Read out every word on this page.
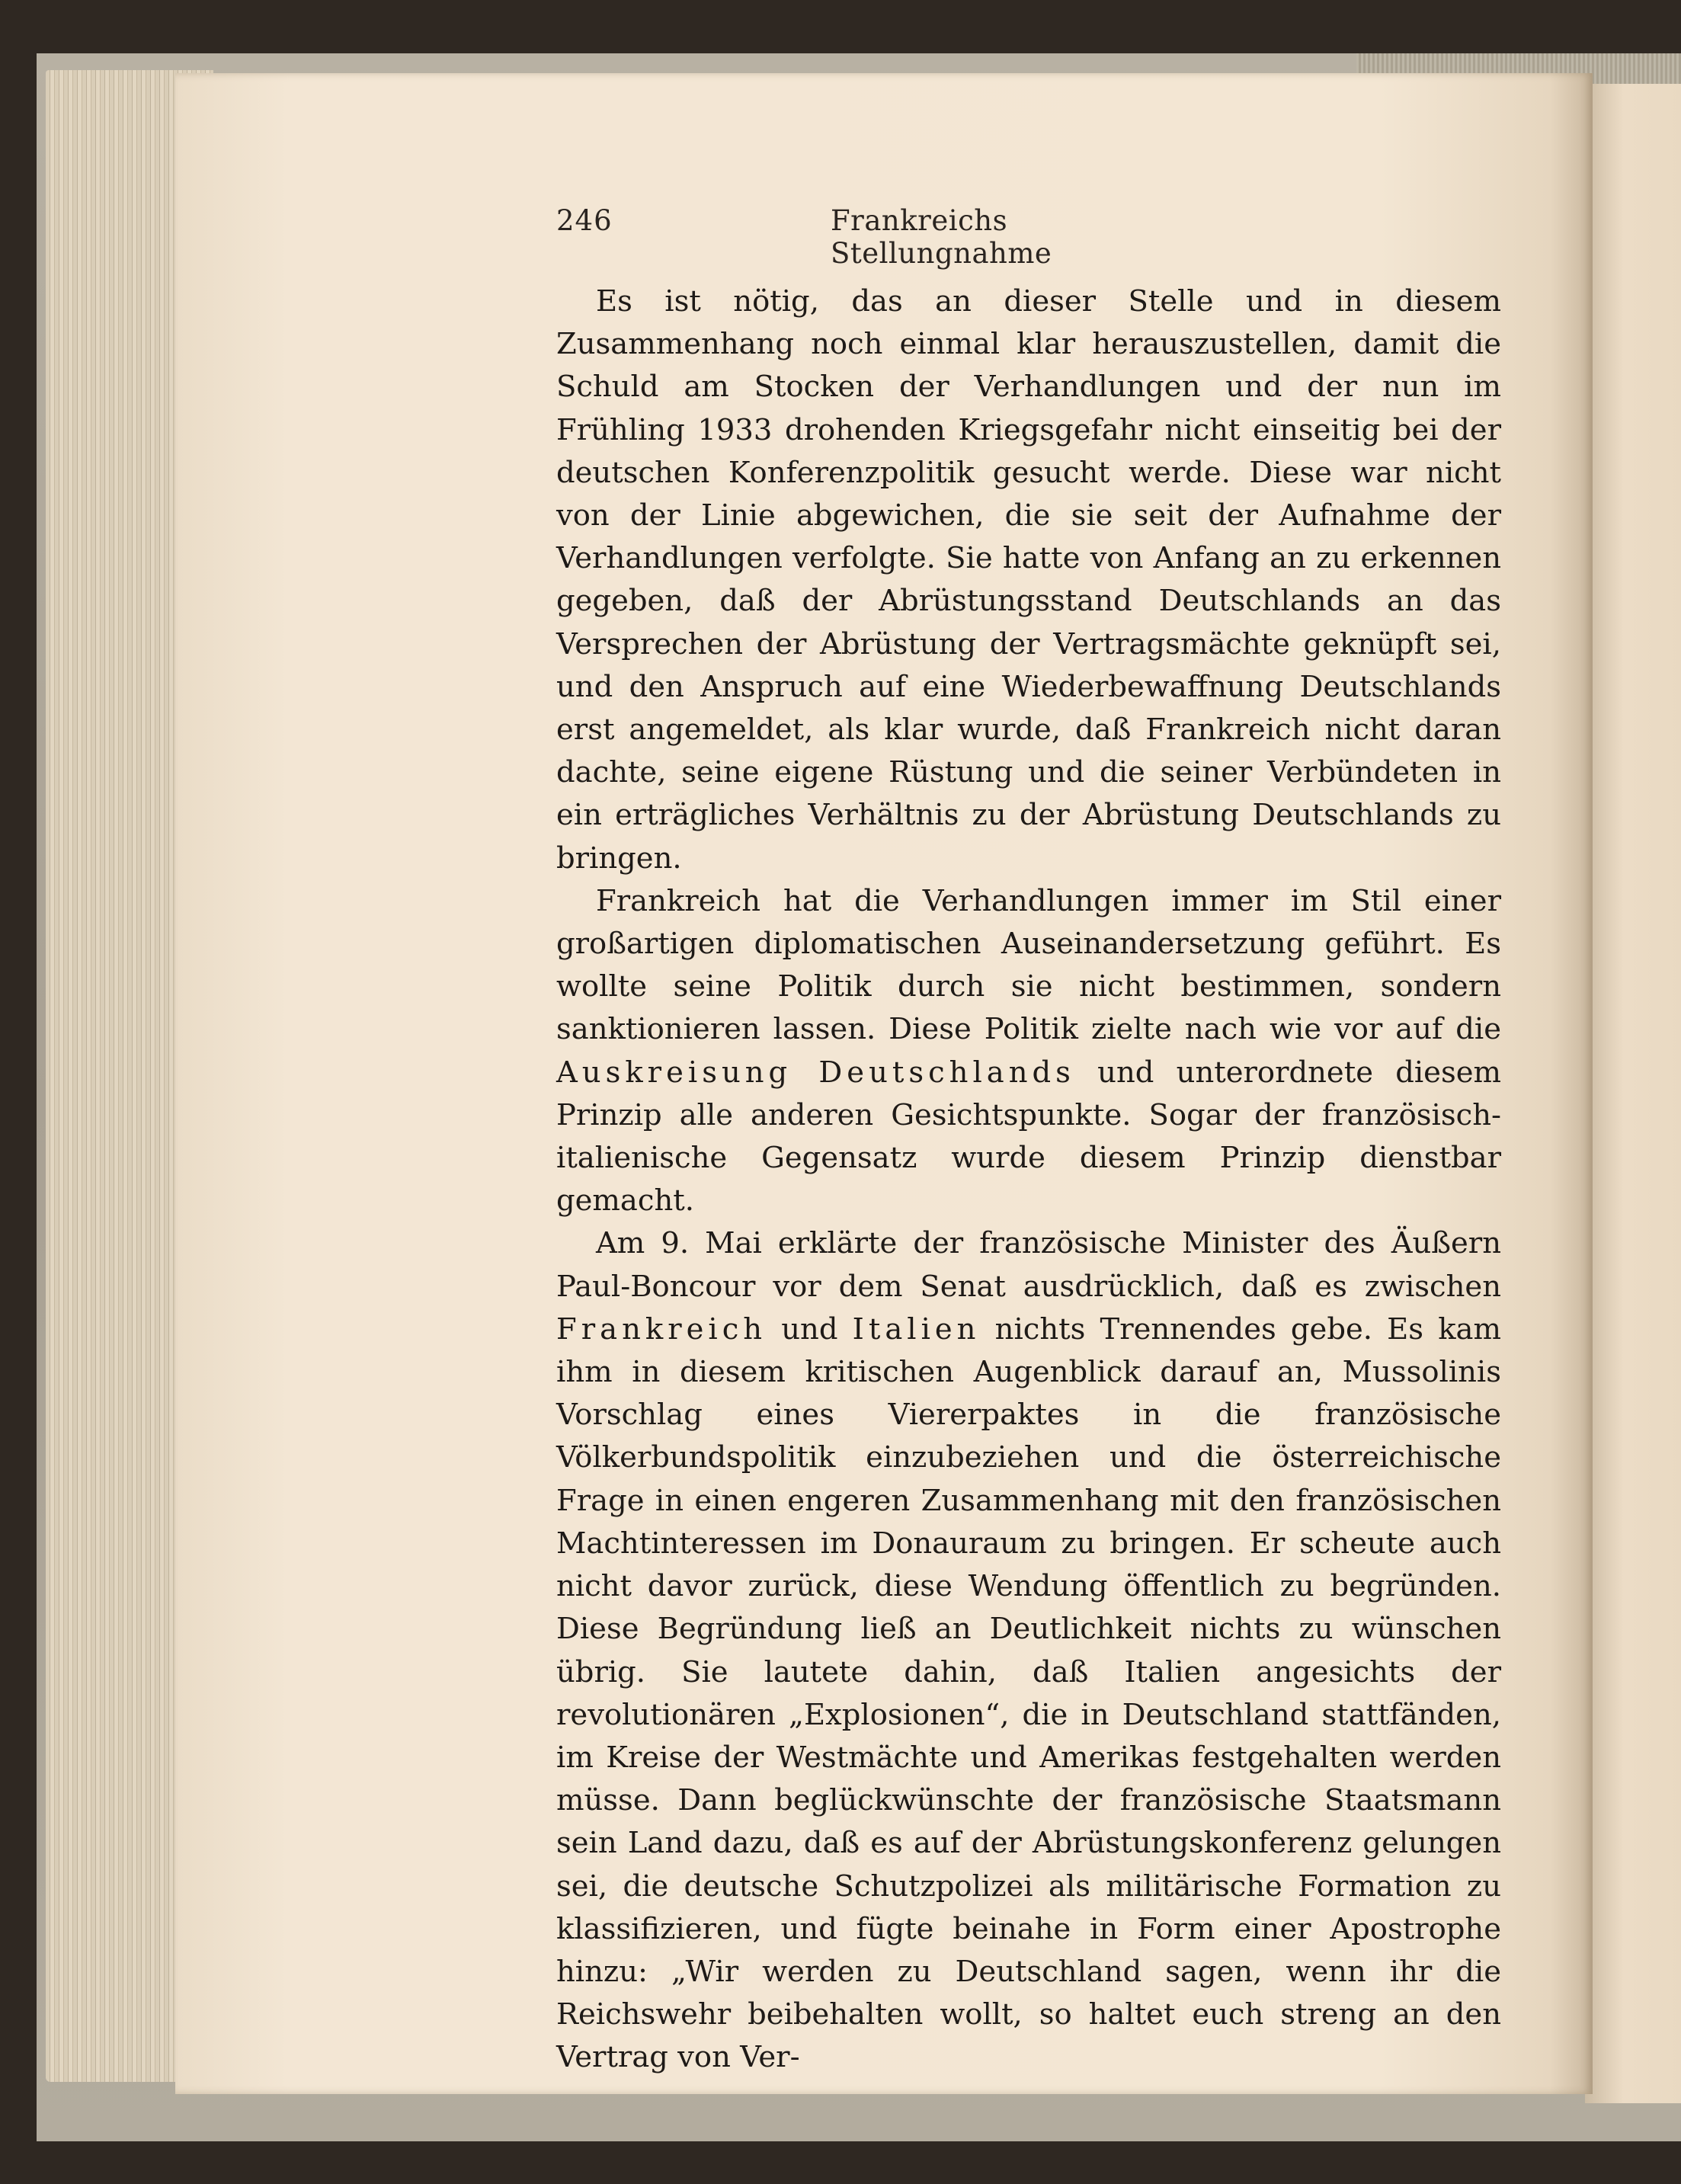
246	Frankreichs Stellungnahme

Es ist nötig, das an dieser Stelle und in diesem Zusammenhang noch einmal klar herauszustellen, damit die Schuld am Stocken der Verhandlungen und der nun im Frühling 1933 drohenden Kriegsgefahr nicht einseitig bei der deutschen Konferenzpolitik gesucht werde. Diese war nicht von der Linie abgewichen, die sie seit der Aufnahme der Verhandlungen verfolgte. Sie hatte von Anfang an zu erkennen gegeben, daß der Abrüstungsstand Deutschlands an das Versprechen der Abrüstung der Vertragsmächte geknüpft sei, und den Anspruch auf eine Wiederbewaffnung Deutschlands erst angemeldet, als klar wurde, daß Frankreich nicht daran dachte, seine eigene Rüstung und die seiner Verbündeten in ein erträgliches Verhältnis zu der Abrüstung Deutschlands zu bringen.

Frankreich hat die Verhandlungen immer im Stil einer großartigen diplomatischen Auseinandersetzung geführt. Es wollte seine Politik durch sie nicht bestimmen, sondern sanktionieren lassen. Diese Politik zielte nach wie vor auf die Auskreisung Deutschlands und unterordnete diesem Prinzip alle anderen Gesichtspunkte. Sogar der französisch-italienische Gegensatz wurde diesem Prinzip dienstbar gemacht.

Am 9. Mai erklärte der französische Minister des Äußern Paul-Boncour vor dem Senat ausdrücklich, daß es zwischen Frankreich und Italien nichts Trennendes gebe. Es kam ihm in diesem kritischen Augenblick darauf an, Mussolinis Vorschlag eines Viererpaktes in die französische Völkerbundspolitik einzubeziehen und die österreichische Frage in einen engeren Zusammenhang mit den französischen Machtinteressen im Donauraum zu bringen. Er scheute auch nicht davor zurück, diese Wendung öffentlich zu begründen. Diese Begründung ließ an Deutlichkeit nichts zu wünschen übrig. Sie lautete dahin, daß Italien angesichts der revolutionären „Explosionen“, die in Deutschland stattfänden, im Kreise der Westmächte und Amerikas festgehalten werden müsse. Dann beglückwünschte der französische Staatsmann sein Land dazu, daß es auf der Abrüstungskonferenz gelungen sei, die deutsche Schutzpolizei als militärische Formation zu klassifizieren, und fügte beinahe in Form einer Apostrophe hinzu: „Wir werden zu Deutschland sagen, wenn ihr die Reichswehr beibehalten wollt, so haltet euch streng an den Vertrag von Ver-
